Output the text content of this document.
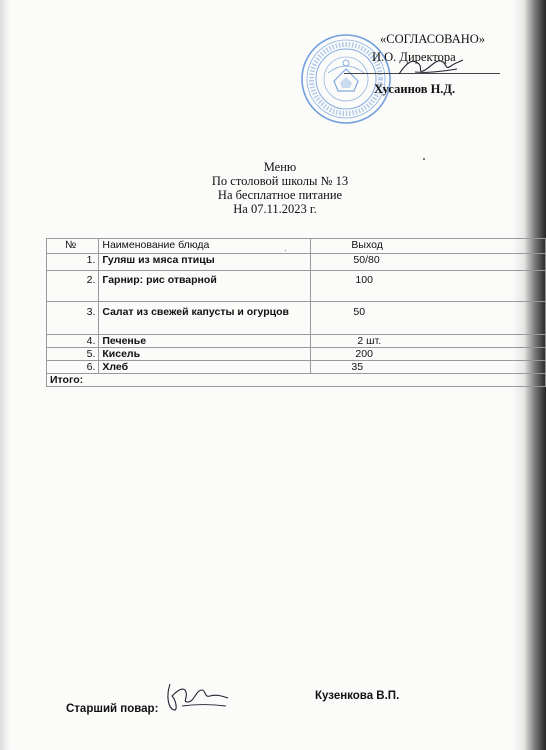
«СОГЛАСОВАНО»
И.О. Директора
Хусаинов Н.Д.
Меню
По столовой школы № 13
На бесплатное питание
На 07.11.2023 г.
№	Наименование блюда	Выход
1.	Гуляш из мяса птицы	50/80
2.	Гарнир: рис отварной	100
3.	Салат из свежей капусты и огурцов	50
4.	Печенье	2 шт.
5.	Кисель	200
6.	Хлеб	35
Итого:		
Старший повар:
Кузенкова В.П.
